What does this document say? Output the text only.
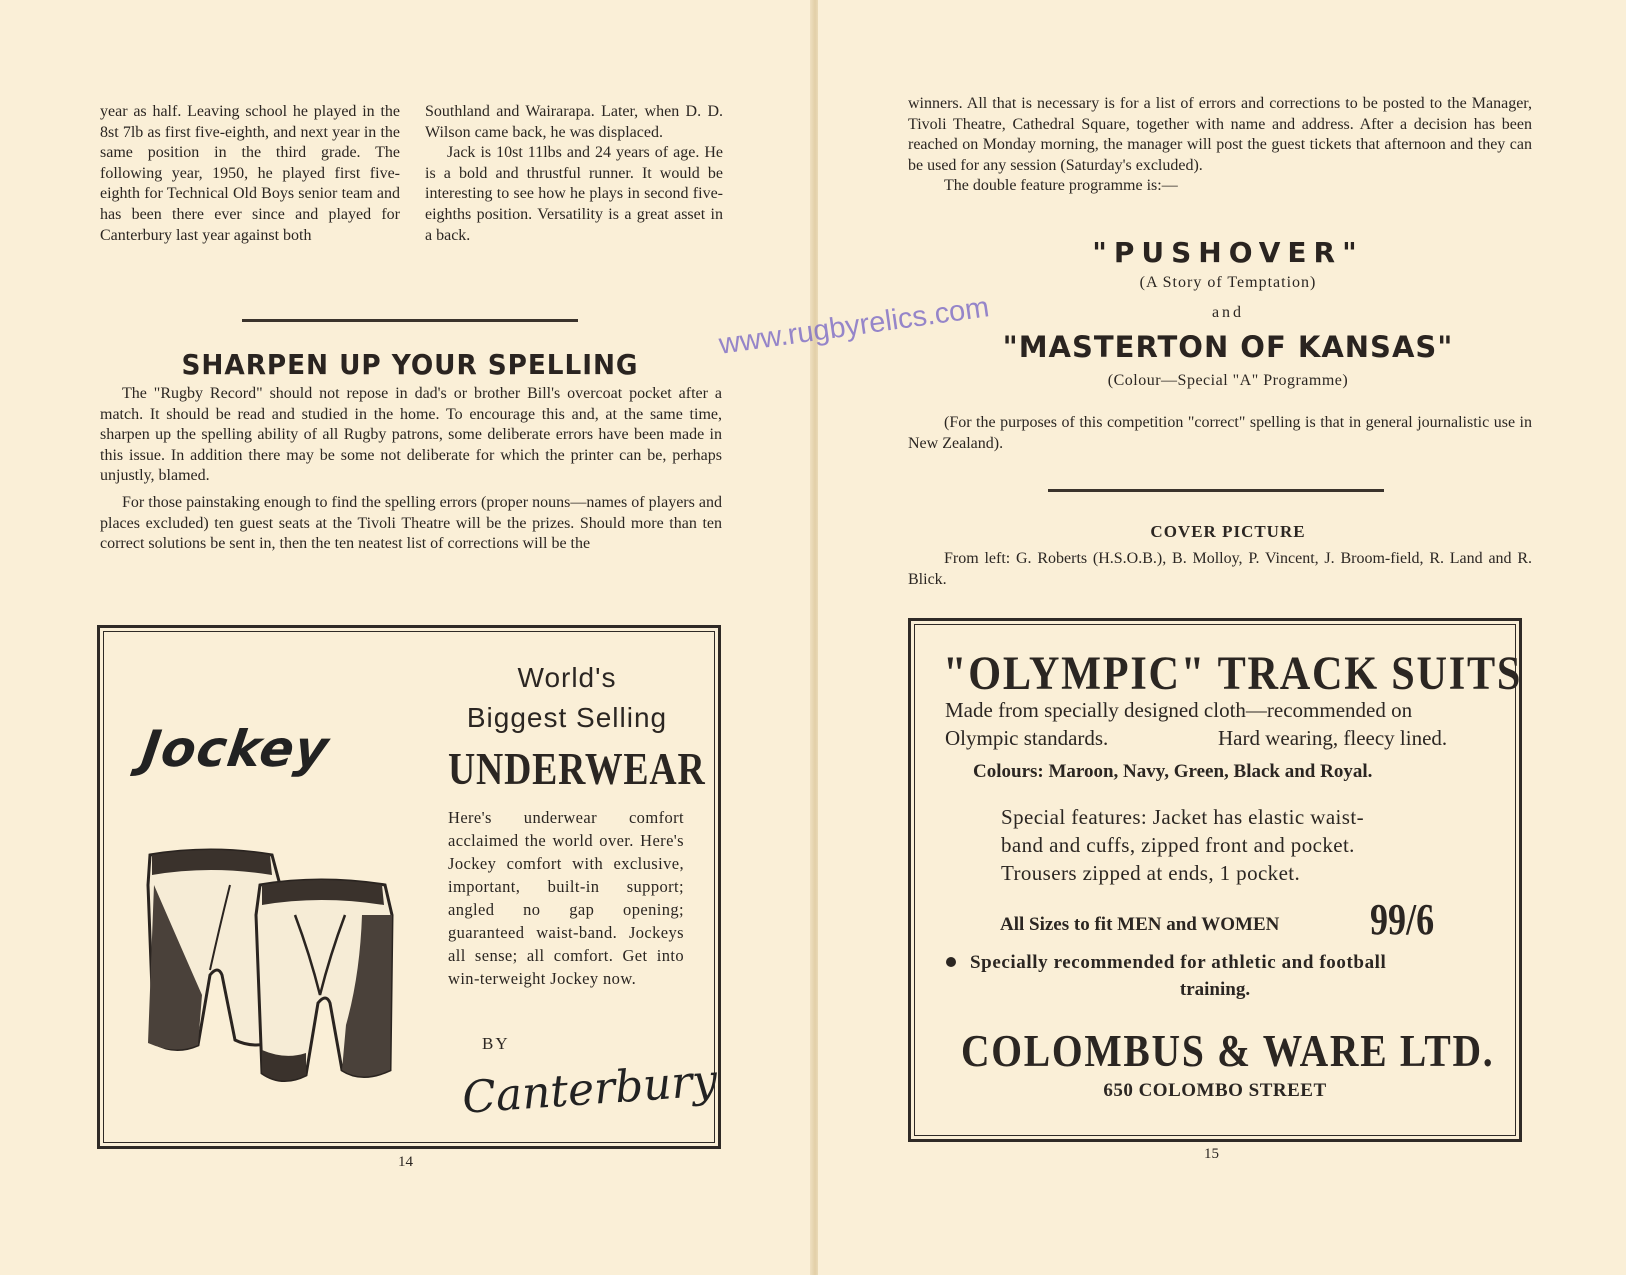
year as half. Leaving school he played in the 8st 7lb as first five-eighth, and next year in the same position in the third grade. The following year, 1950, he played first five-eighth for Technical Old Boys senior team and has been there ever since and played for Canterbury last year against both

Southland and Wairarapa. Later, when D. D. Wilson came back, he was displaced.

Jack is 10st 11lbs and 24 years of age. He is a bold and thrustful runner. It would be interesting to see how he plays in second five-eighths position. Versatility is a great asset in a back.

SHARPEN UP YOUR SPELLING

The "Rugby Record" should not repose in dad's or brother Bill's overcoat pocket after a match. It should be read and studied in the home. To encourage this and, at the same time, sharpen up the spelling ability of all Rugby patrons, some deliberate errors have been made in this issue. In addition there may be some not deliberate for which the printer can be, perhaps unjustly, blamed.

For those painstaking enough to find the spelling errors (proper nouns—names of players and places excluded) ten guest seats at the Tivoli Theatre will be the prizes. Should more than ten correct solutions be sent in, then the ten neatest list of corrections will be the

Jockey
World's
Biggest Selling
UNDERWEAR
Here's underwear comfort acclaimed the world over. Here's Jockey comfort with exclusive, important, built-in support; angled no gap opening; guaranteed waist-band. Jockeys all sense; all comfort. Get into win-terweight Jockey now.
BY
Canterbury
14

winners. All that is necessary is for a list of errors and corrections to be posted to the Manager, Tivoli Theatre, Cathedral Square, together with name and address. After a decision has been reached on Monday morning, the manager will post the guest tickets that afternoon and they can be used for any session (Saturday's excluded).

The double feature programme is:—

"PUSHOVER"
(A Story of Temptation)
and
"MASTERTON OF KANSAS"
(Colour—Special "A" Programme)

(For the purposes of this competition "correct" spelling is that in general journalistic use in New Zealand).

COVER PICTURE

From left: G. Roberts (H.S.O.B.), B. Molloy, P. Vincent, J. Broom-field, R. Land and R. Blick.

"OLYMPIC" TRACK SUITS
Made from specially designed cloth—recommended on
Olympic standards.	Hard wearing, fleecy lined.
Colours: Maroon, Navy, Green, Black and Royal.
Special features: Jacket has elastic waist-
band and cuffs, zipped front and pocket.
Trousers zipped at ends, 1 pocket.
All Sizes to fit MEN and WOMEN 99/6
Specially recommended for athletic and football
training.
COLOMBUS & WARE LTD.
650 COLOMBO STREET
15
www.rugbyrelics.com
